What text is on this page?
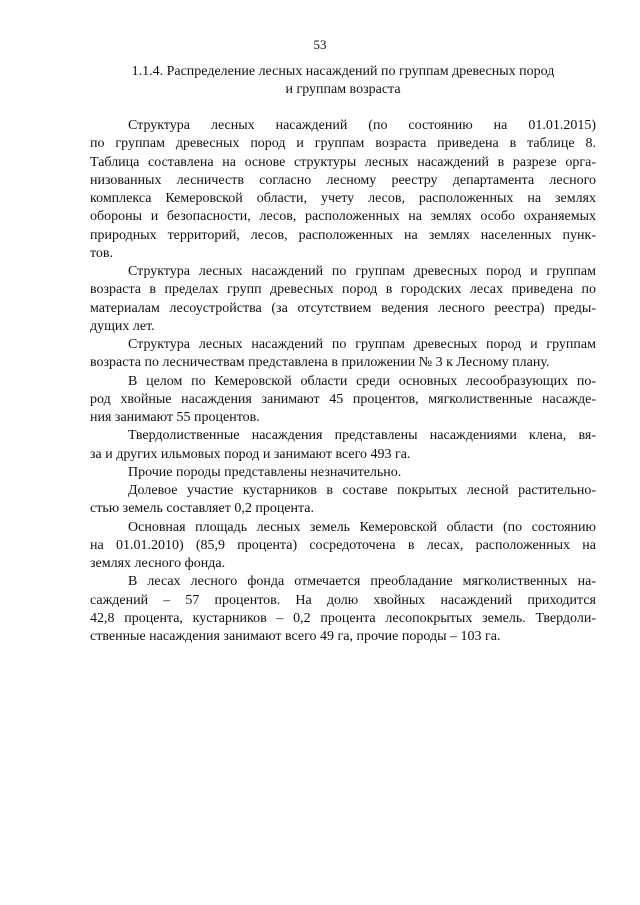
53
1.1.4. Распределение лесных насаждений по группам древесных пород
и группам возраста
Структура лесных насаждений (по состоянию на 01.01.2015)
по группам древесных пород и группам возраста приведена в таблице 8.
Таблица составлена на основе структуры лесных насаждений в разрезе орга-
низованных лесничеств согласно лесному реестру департамента лесного
комплекса Кемеровской области, учету лесов, расположенных на землях
обороны и безопасности, лесов, расположенных на землях особо охраняемых
природных территорий, лесов, расположенных на землях населенных пунк-
тов.
Структура лесных насаждений по группам древесных пород и группам
возраста в пределах групп древесных пород в городских лесах приведена по
материалам лесоустройства (за отсутствием ведения лесного реестра) преды-
дущих лет.
Структура лесных насаждений по группам древесных пород и группам
возраста по лесничествам представлена в приложении № 3 к Лесному плану.
В целом по Кемеровской области среди основных лесообразующих по-
род хвойные насаждения занимают 45 процентов, мягколиственные насажде-
ния занимают 55 процентов.
Твердолиственные насаждения представлены насаждениями клена, вя-
за и других ильмовых пород и занимают всего 493 га.
Прочие породы представлены незначительно.
Долевое участие кустарников в составе покрытых лесной растительно-
стью земель составляет 0,2 процента.
Основная площадь лесных земель Кемеровской области (по состоянию
на 01.01.2010) (85,9 процента) сосредоточена в лесах, расположенных на
землях лесного фонда.
В лесах лесного фонда отмечается преобладание мягколиственных на-
саждений – 57 процентов. На долю хвойных насаждений приходится
42,8 процента, кустарников – 0,2 процента лесопокрытых земель. Твердоли-
ственные насаждения занимают всего 49 га, прочие породы – 103 га.
